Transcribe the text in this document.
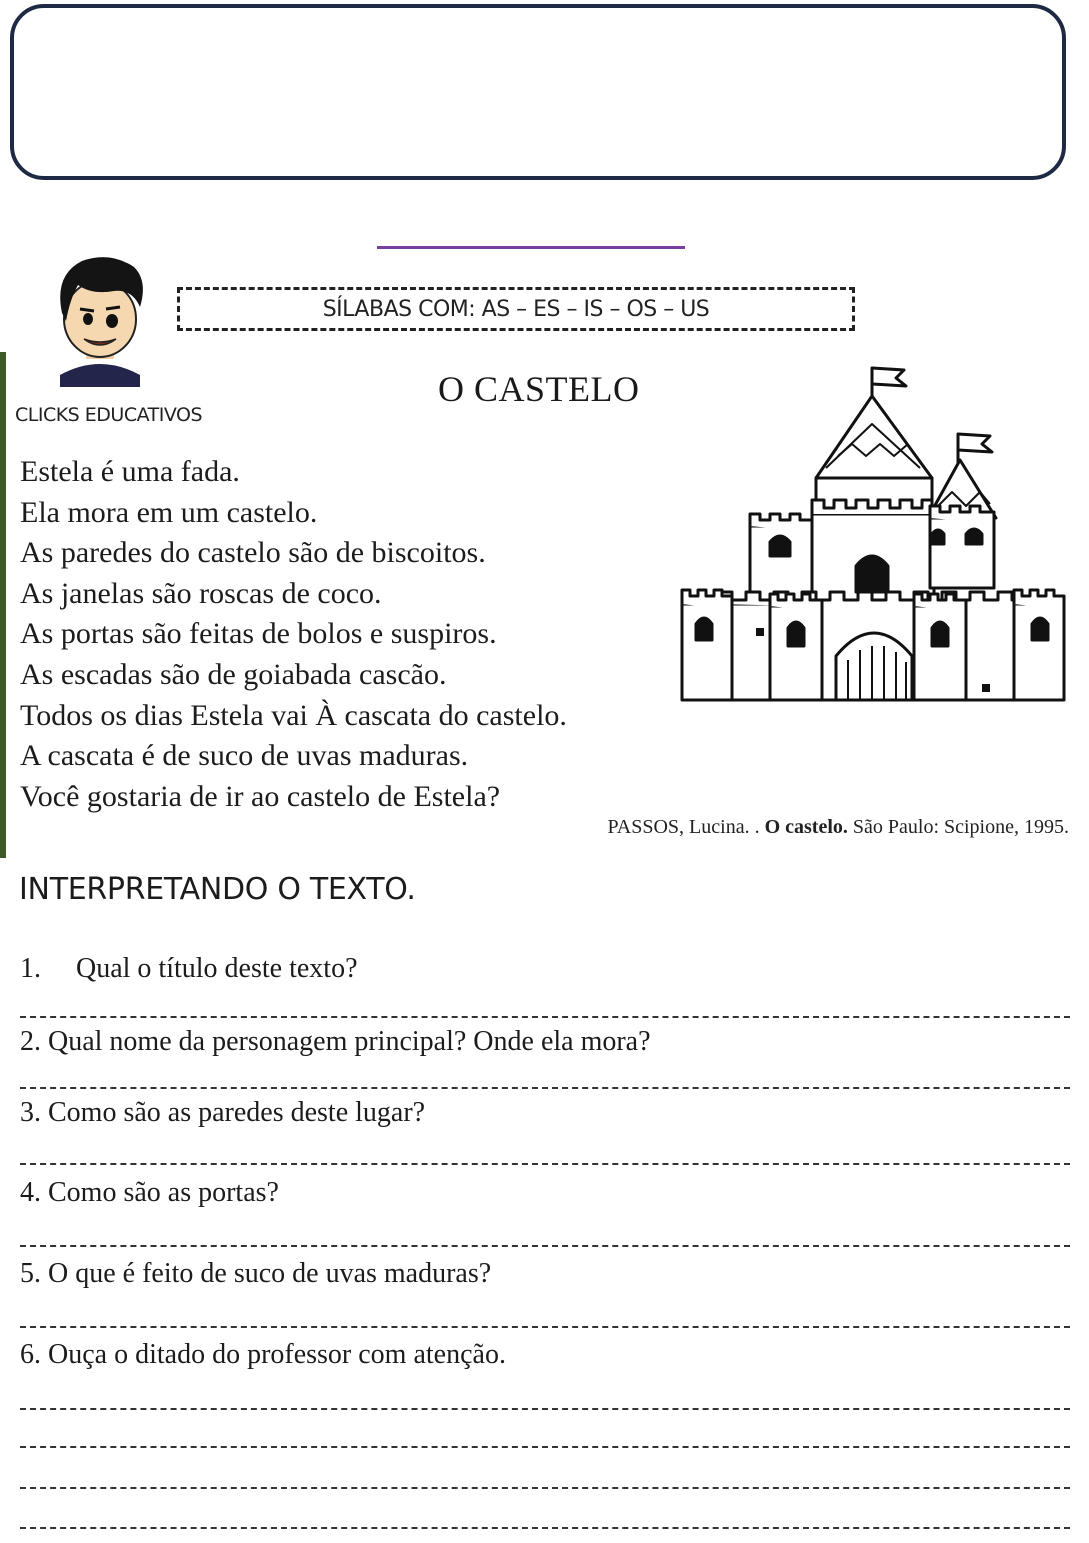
CLICKS EDUCATIVOS
SÍLABAS COM: AS – ES – IS – OS – US
O CASTELO
Estela é uma fada.
Ela mora em um castelo.
As paredes do castelo são de biscoitos.
As janelas são roscas de coco.
As portas são feitas de bolos e suspiros.
As escadas são de goiabada cascão.
Todos os dias Estela vai À cascata do castelo.
A cascata é de suco de uvas maduras.
Você gostaria de ir ao castelo de Estela?
PASSOS, Lucina. . O castelo. São Paulo: Scipione, 1995.
INTERPRETANDO O TEXTO.
1. Qual o título deste texto?
2. Qual nome da personagem principal? Onde ela mora?
3. Como são as paredes deste lugar?
4. Como são as portas?
5. O que é feito de suco de uvas maduras?
6. Ouça o ditado do professor com atenção.
